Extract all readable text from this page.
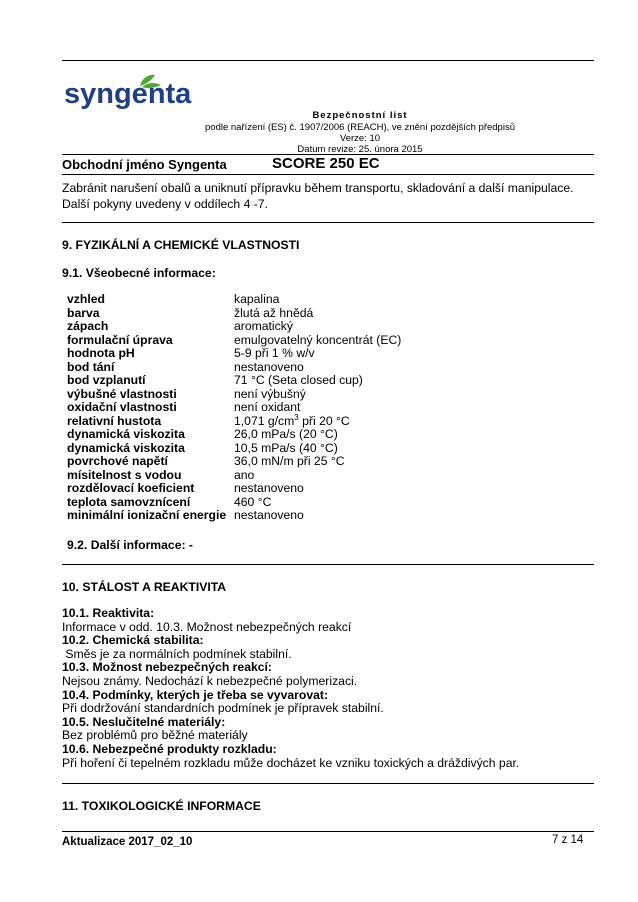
syngenta
Bezpečnostní list
podle nařízení (ES) č. 1907/2006 (REACH), ve znění pozdějších předpisů
Verze: 10
Datum revize: 25. února 2015
Obchodní jméno Syngenta	SCORE 250 EC
Zabránit narušení obalů a uniknutí přípravku během transportu, skladování a další manipulace. Další pokyny uvedeny v oddílech 4 -7.
9. FYZIKÁLNÍ A CHEMICKÉ VLASTNOSTI
9.1. Všeobecné informace:
vzhled	kapalina
barva	žlutá až hnědá
zápach	aromatický
formulační úprava	emulgovatelný koncentrát (EC)
hodnota pH	5-9 při 1 % w/v
bod tání	nestanoveno
bod vzplanutí	71 °C (Seta closed cup)
výbušné vlastnosti	není výbušný
oxidační vlastnosti	není oxidant
relativní hustota	1,071 $g/cm^3$ při 20 °C
dynamická viskozita	26,0 mPa/s (20 °C)
dynamická viskozita	10,5 mPa/s (40 °C)
povrchové napětí	36,0 mN/m při 25 °C
mísitelnost s vodou	ano
rozdělovací koeficient	nestanoveno
teplota samovznícení	460 °C
minimální ionizační energie nestanoveno
9.2. Další informace: -
10. STÁLOST A REAKTIVITA
10.1. Reaktivita:
Informace v odd. 10.3. Možnost nebezpečných reakcí
10.2. Chemická stabilita:
Směs je za normálních podmínek stabilní.
10.3. Možnost nebezpečných reakcí:
Nejsou známy. Nedochází k nebezpečné polymerizaci.
10.4. Podmínky, kterých je třeba se vyvarovat:
Při dodržování standardních podmínek je přípravek stabilní.
10.5. Neslučitelné materiály:
Bez problémů pro běžné materiály
10.6. Nebezpečné produkty rozkladu:
Při hoření či tepelném rozkladu může docházet ke vzniku toxických a dráždivých par.
11. TOXIKOLOGICKÉ INFORMACE
Aktualizace 2017_02_10	7 z 14
